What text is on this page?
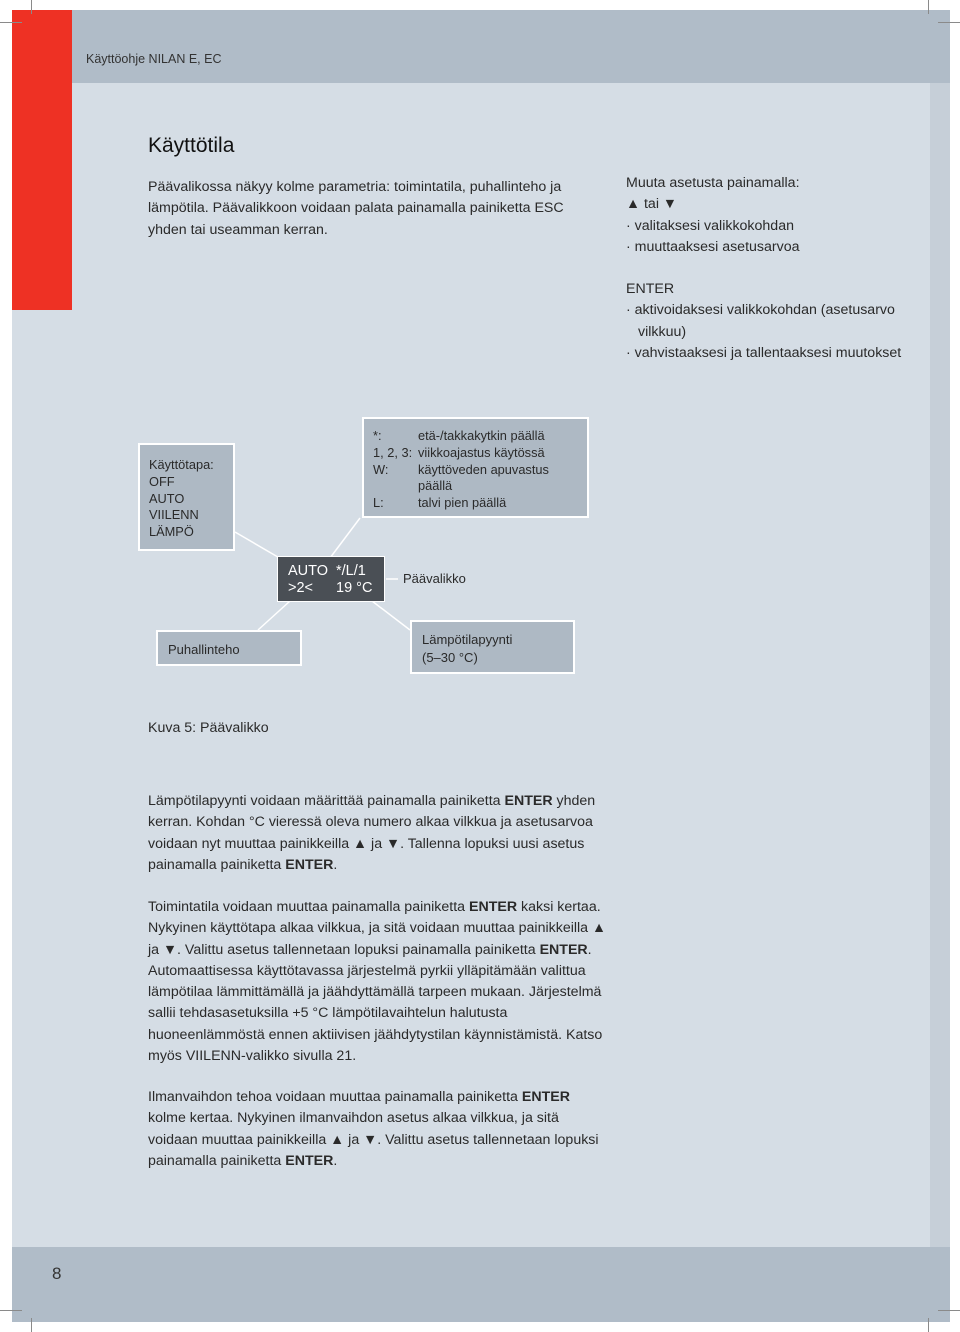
Käyttöohje NILAN E, EC
8
Käyttötila
Päävalikossa näkyy kolme parametria: toimintatila, puhallinteho ja lämpötila. Päävalikkoon voidaan palata painamalla painiketta ESC yhden tai useamman kerran.
Muuta asetusta painamalla:
▲ tai ▼
· valitaksesi valikkokohdan
· muuttaaksesi asetusarvoa
ENTER
· aktivoidaksesi valikkokohdan (asetusarvo vilkkuu)
· vahvistaaksesi ja tallentaaksesi muutokset
Käyttötapa:
OFF
AUTO
VIILENN
LÄMPÖ
*:	etä-/takkakytkin päällä
1, 2, 3: viikkoajastus käytössä
W:	käyttöveden apuvastus päällä
L:	talvi pien päällä
AUTO */L/1
>2<	19 °C
Päävalikko
Puhallinteho
Lämpötilapyynti
(5–30 °C)
Kuva 5: Päävalikko
Lämpötilapyynti voidaan määrittää painamalla painiketta ENTER yhden kerran. Kohdan °C vieressä oleva numero alkaa vilkkua ja asetusarvoa voidaan nyt muuttaa painikkeilla ▲ ja ▼. Tallenna lopuksi uusi asetus painamalla painiketta ENTER.
Toimintatila voidaan muuttaa painamalla painiketta ENTER kaksi kertaa. Nykyinen käyttötapa alkaa vilkkua, ja sitä voidaan muuttaa painikkeilla ▲ ja ▼. Valittu asetus tallennetaan lopuksi painamalla painiketta ENTER. Automaattisessa käyttötavassa järjestelmä pyrkii ylläpitämään valittua lämpötilaa lämmittämällä ja jäähdyttämällä tarpeen mukaan. Järjestelmä sallii tehdasasetuksilla +5 °C lämpötilavaihtelun halutusta huoneenlämmöstä ennen aktiivisen jäähdytystilan käynnistämistä. Katso myös VIILENN-valikko sivulla 21.
Ilmanvaihdon tehoa voidaan muuttaa painamalla painiketta ENTER kolme kertaa. Nykyinen ilmanvaihdon asetus alkaa vilkkua, ja sitä voidaan muuttaa painikkeilla ▲ ja ▼. Valittu asetus tallennetaan lopuksi painamalla painiketta ENTER.
